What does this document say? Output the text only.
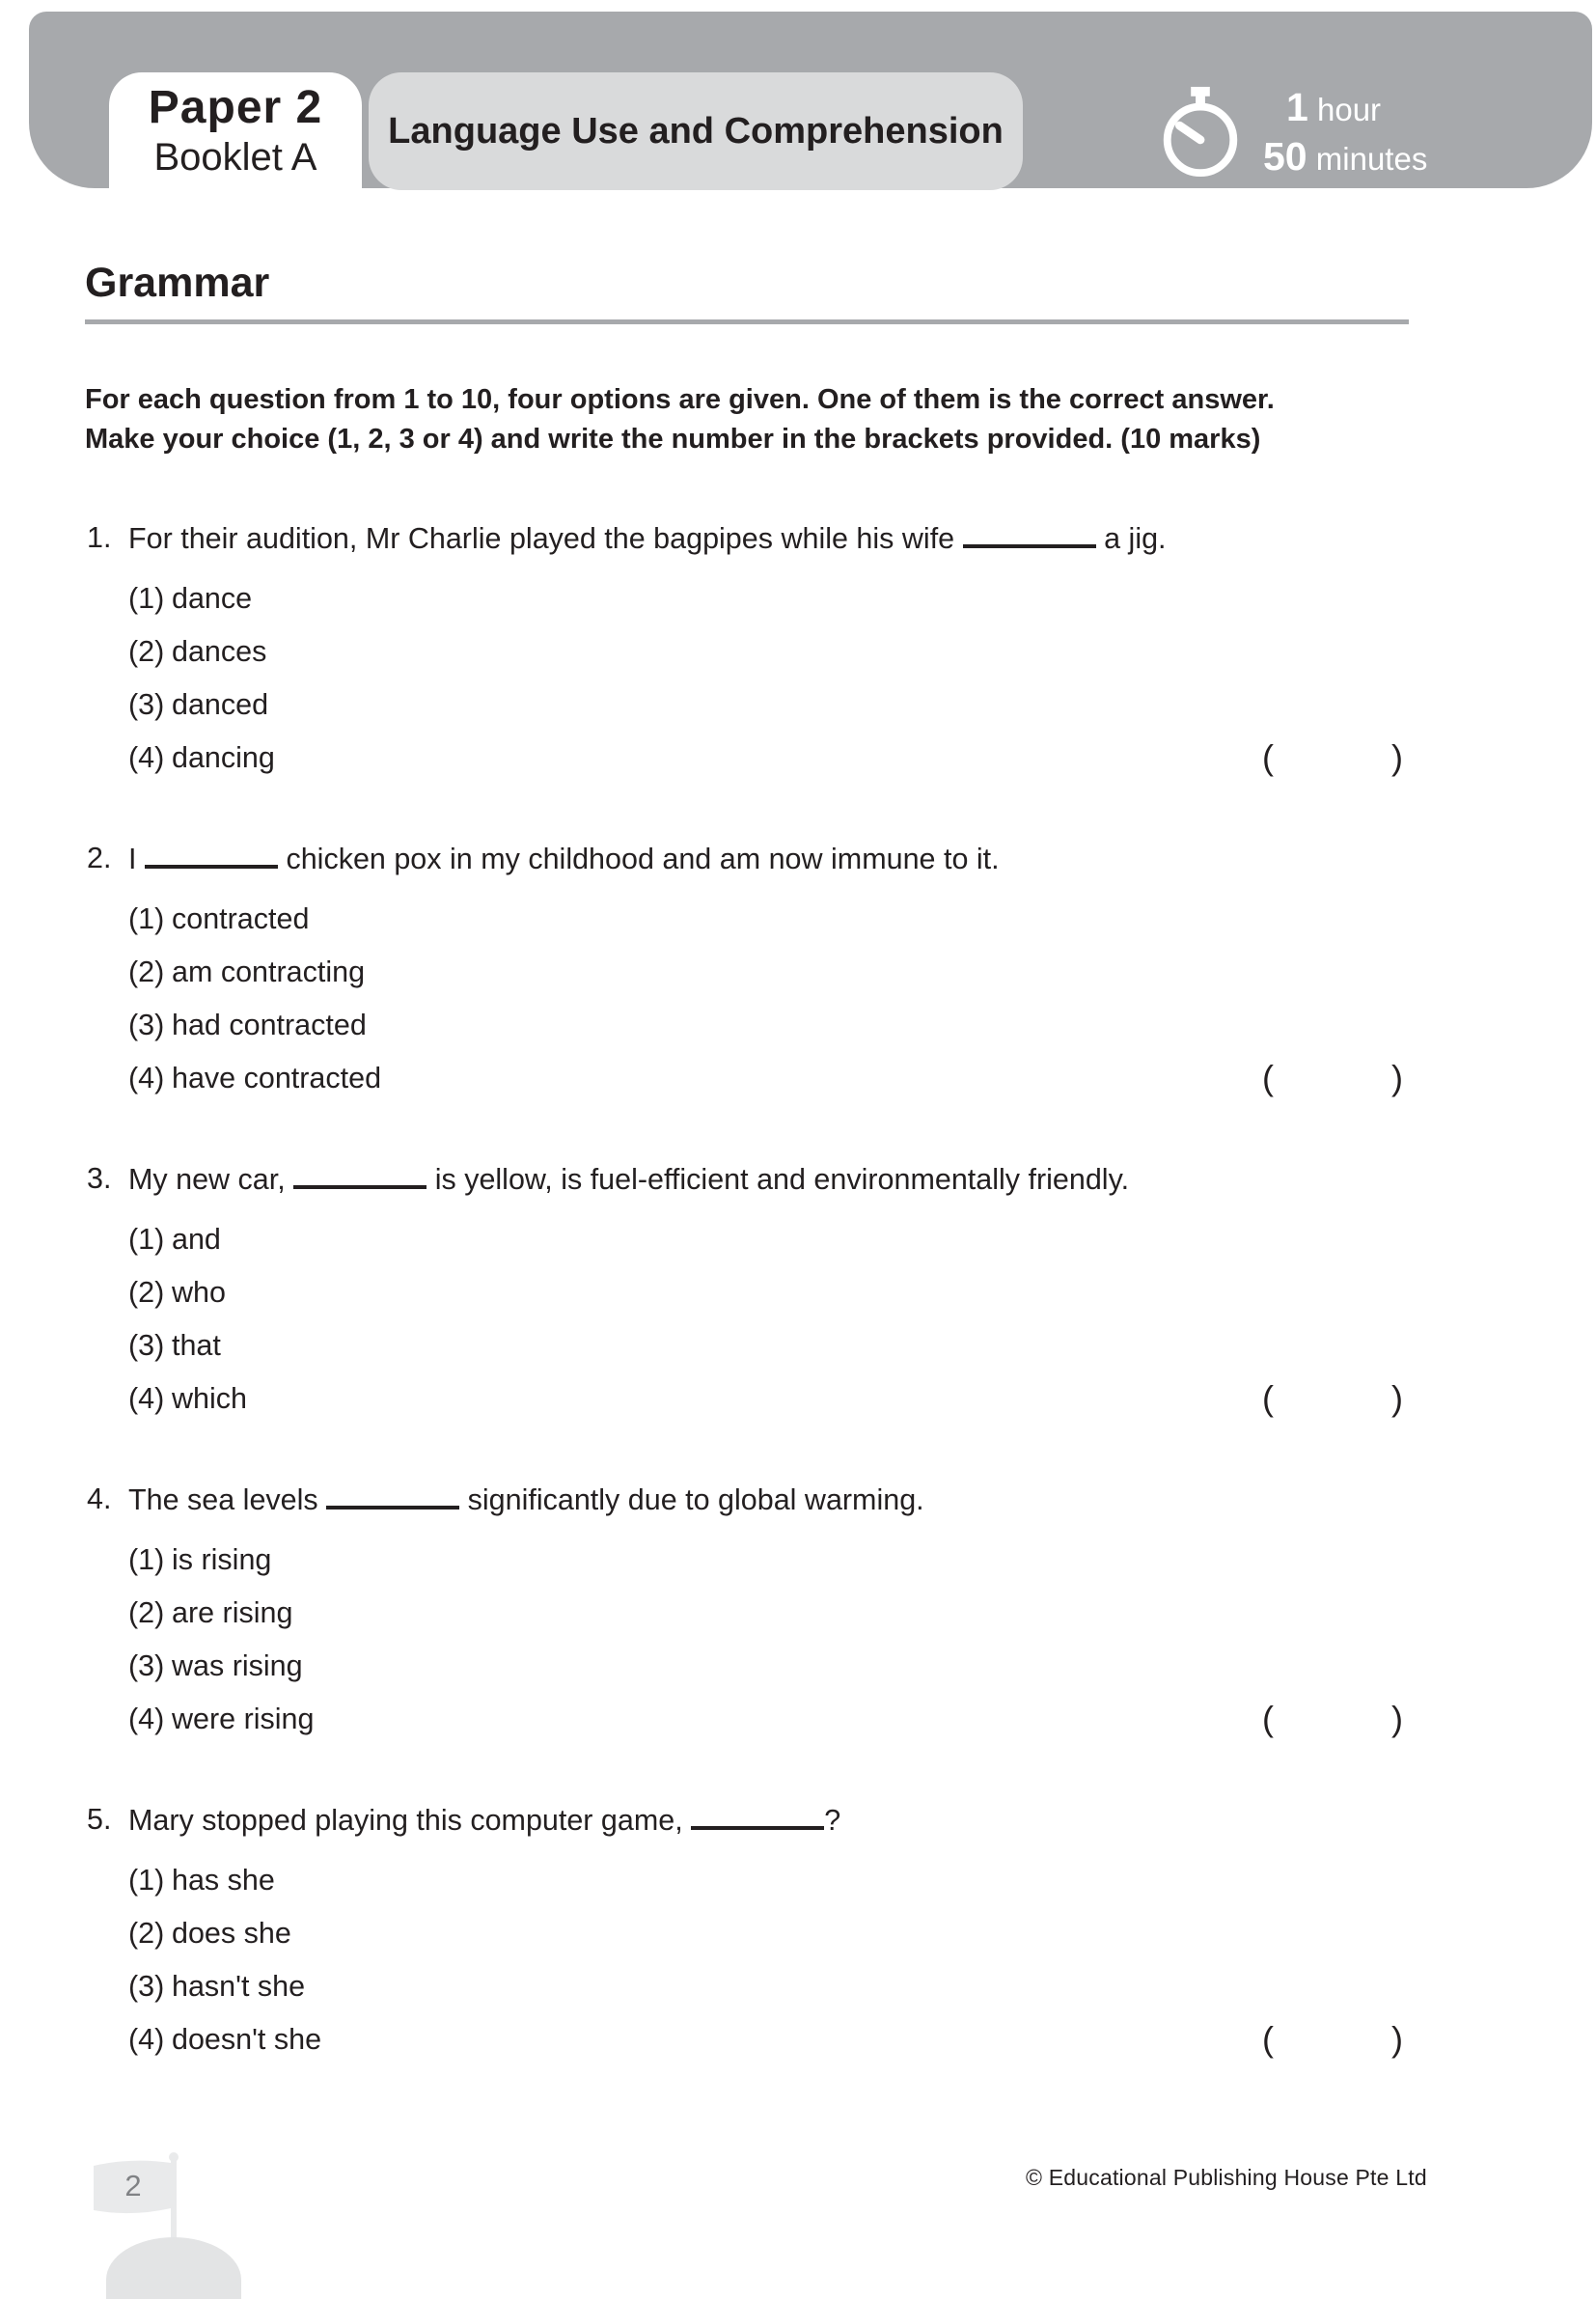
Paper 2
Booklet A
Language Use and Comprehension
1 hour
50 minutes
Grammar

For each question from 1 to 10, four options are given. One of them is the correct answer.
Make your choice (1, 2, 3 or 4) and write the number in the brackets provided. (10 marks)

1. For their audition, Mr Charlie played the bagpipes while his wife	a jig.
(1) dance
(2) dances
(3) danced
(4) dancing	(	)
2. I	chicken pox in my childhood and am now immune to it.
(1) contracted
(2) am contracting
(3) had contracted
(4) have contracted	(	)
3. My new car,	is yellow, is fuel-efficient and environmentally friendly.
(1) and
(2) who
(3) that
(4) which	(	)
4. The sea levels	significantly due to global warming.
(1) is rising
(2) are rising
(3) was rising
(4) were rising	(	)
5. Mary stopped playing this computer game,	?
(1) has she
(2) does she
(3) hasn't she
(4) doesn't she	(	)
2	© Educational Publishing House Pte Ltd
